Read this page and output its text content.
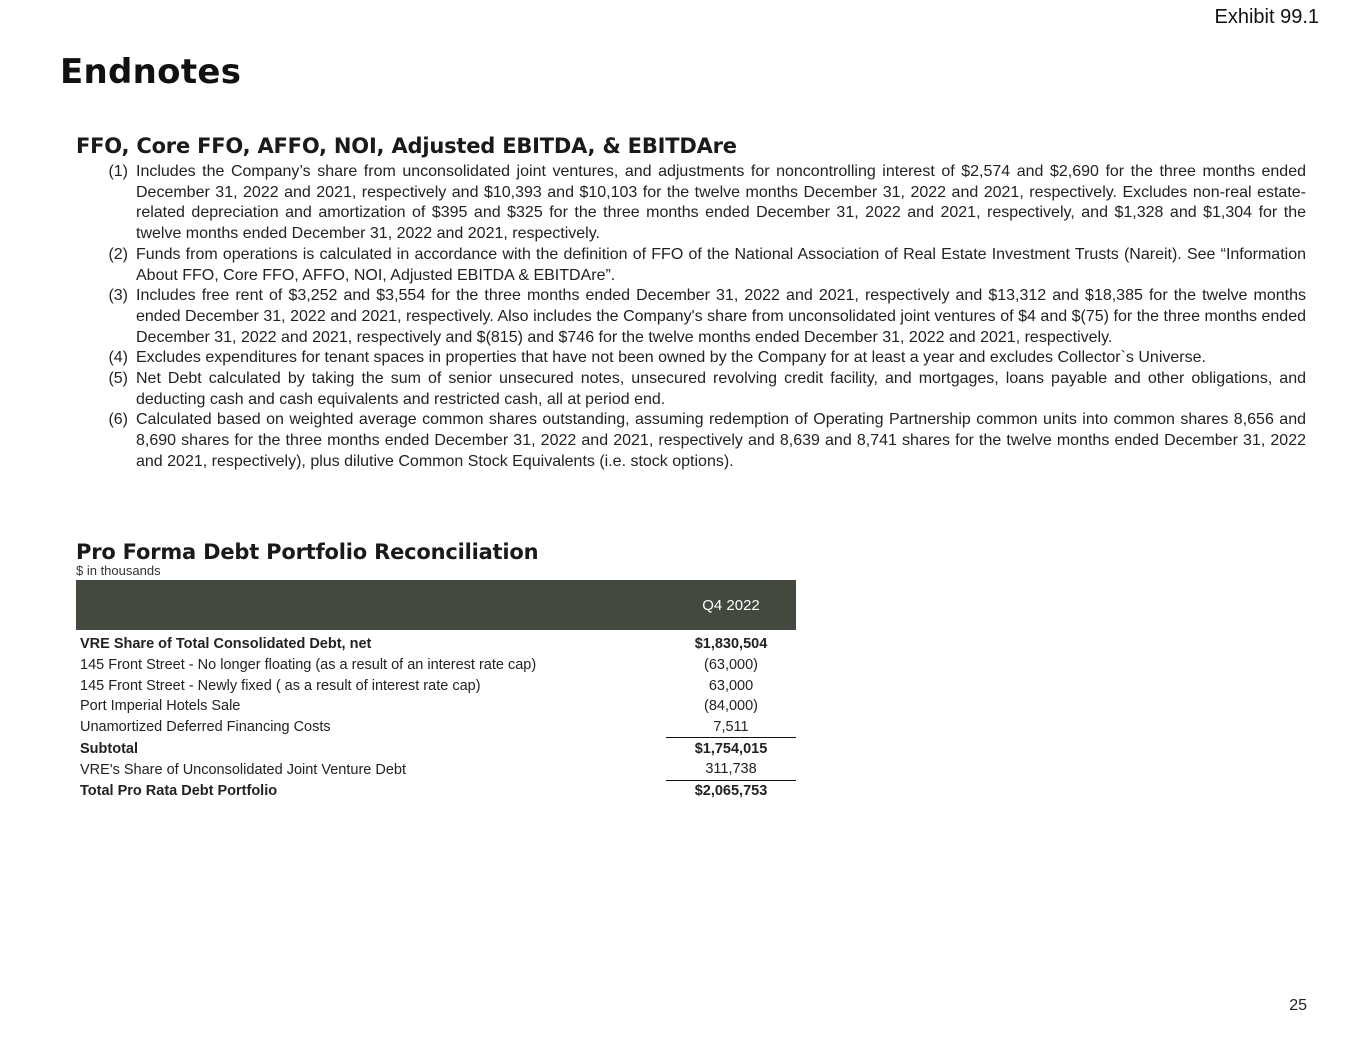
Exhibit 99.1
Endnotes
FFO, Core FFO, AFFO, NOI, Adjusted EBITDA, & EBITDAre
(1) Includes the Company’s share from unconsolidated joint ventures, and adjustments for noncontrolling interest of $2,574 and $2,690 for the three months ended December 31, 2022 and 2021, respectively and $10,393 and $10,103 for the twelve months December 31, 2022 and 2021, respectively. Excludes non-real estate-related depreciation and amortization of $395 and $325 for the three months ended December 31, 2022 and 2021, respectively, and $1,328 and $1,304 for the twelve months ended December 31, 2022 and 2021, respectively.
(2) Funds from operations is calculated in accordance with the definition of FFO of the National Association of Real Estate Investment Trusts (Nareit). See “Information About FFO, Core FFO, AFFO, NOI, Adjusted EBITDA & EBITDAre”.
(3) Includes free rent of $3,252 and $3,554 for the three months ended December 31, 2022 and 2021, respectively and $13,312 and $18,385 for the twelve months ended December 31, 2022 and 2021, respectively. Also includes the Company's share from unconsolidated joint ventures of $4 and $(75) for the three months ended December 31, 2022 and 2021, respectively and $(815) and $746 for the twelve months ended December 31, 2022 and 2021, respectively.
(4) Excludes expenditures for tenant spaces in properties that have not been owned by the Company for at least a year and excludes Collector`s Universe.
(5) Net Debt calculated by taking the sum of senior unsecured notes, unsecured revolving credit facility, and mortgages, loans payable and other obligations, and deducting cash and cash equivalents and restricted cash, all at period end.
(6) Calculated based on weighted average common shares outstanding, assuming redemption of Operating Partnership common units into common shares 8,656 and 8,690 shares for the three months ended December 31, 2022 and 2021, respectively and 8,639 and 8,741 shares for the twelve months ended December 31, 2022 and 2021, respectively), plus dilutive Common Stock Equivalents (i.e. stock options).
Pro Forma Debt Portfolio Reconciliation
$ in thousands
	Q4 2022
VRE Share of Total Consolidated Debt, net	$1,830,504
145 Front Street - No longer floating (as a result of an interest rate cap)	(63,000)
145 Front Street - Newly fixed ( as a result of interest rate cap)	63,000
Port Imperial Hotels Sale	(84,000)
Unamortized Deferred Financing Costs	7,511
Subtotal	$1,754,015
VRE's Share of Unconsolidated Joint Venture Debt	311,738
Total Pro Rata Debt Portfolio	$2,065,753
25
